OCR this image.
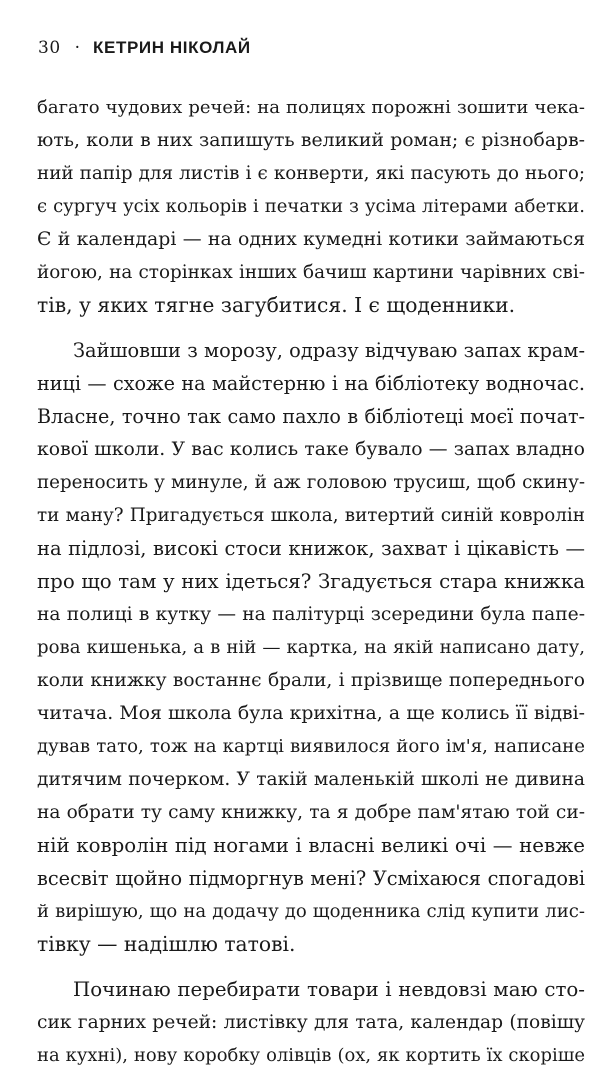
30 · КЕТРИН НІКОЛАЙ
багато чудових речей: на полицях порожні зошити чека-
ють, коли в них запишуть великий роман; є різнобарв-
ний папір для листів і є конверти, які пасують до нього;
є сургуч усіх кольорів і печатки з усіма літерами абетки.
Є й календарі — на одних кумедні котики займаються
йогою, на сторінках інших бачиш картини чарівних сві-
тів, у яких тягне загубитися. І є щоденники.
Зайшовши з морозу, одразу відчуваю запах крам-
ниці — схоже на майстерню і на бібліотеку водночас.
Власне, точно так само пахло в бібліотеці моєї почат-
кової школи. У вас колись таке бувало — запах владно
переносить у минуле, й аж головою трусиш, щоб скину-
ти ману? Пригадується школа, витертий синій ковролін
на підлозі, високі стоси книжок, захват і цікавість —
про що там у них ідеться? Згадується стара книжка
на полиці в кутку — на палітурці зсередини була папе-
рова кишенька, а в ній — картка, на якій написано дату,
коли книжку востаннє брали, і прізвище попереднього
читача. Моя школа була крихітна, а ще колись її відві-
дував тато, тож на картці виявилося його ім'я, написане
дитячим почерком. У такій маленькій школі не дивина
на обрати ту саму книжку, та я добре пам'ятаю той си-
ній ковролін під ногами і власні великі очі — невже
всесвіт щойно підморгнув мені? Усміхаюся спогадові
й вирішую, що на додачу до щоденника слід купити лис-
тівку — надішлю татові.
Починаю перебирати товари і невдовзі маю сто-
сик гарних речей: листівку для тата, календар (повішу
на кухні), нову коробку олівців (ох, як кортить їх скоріше
